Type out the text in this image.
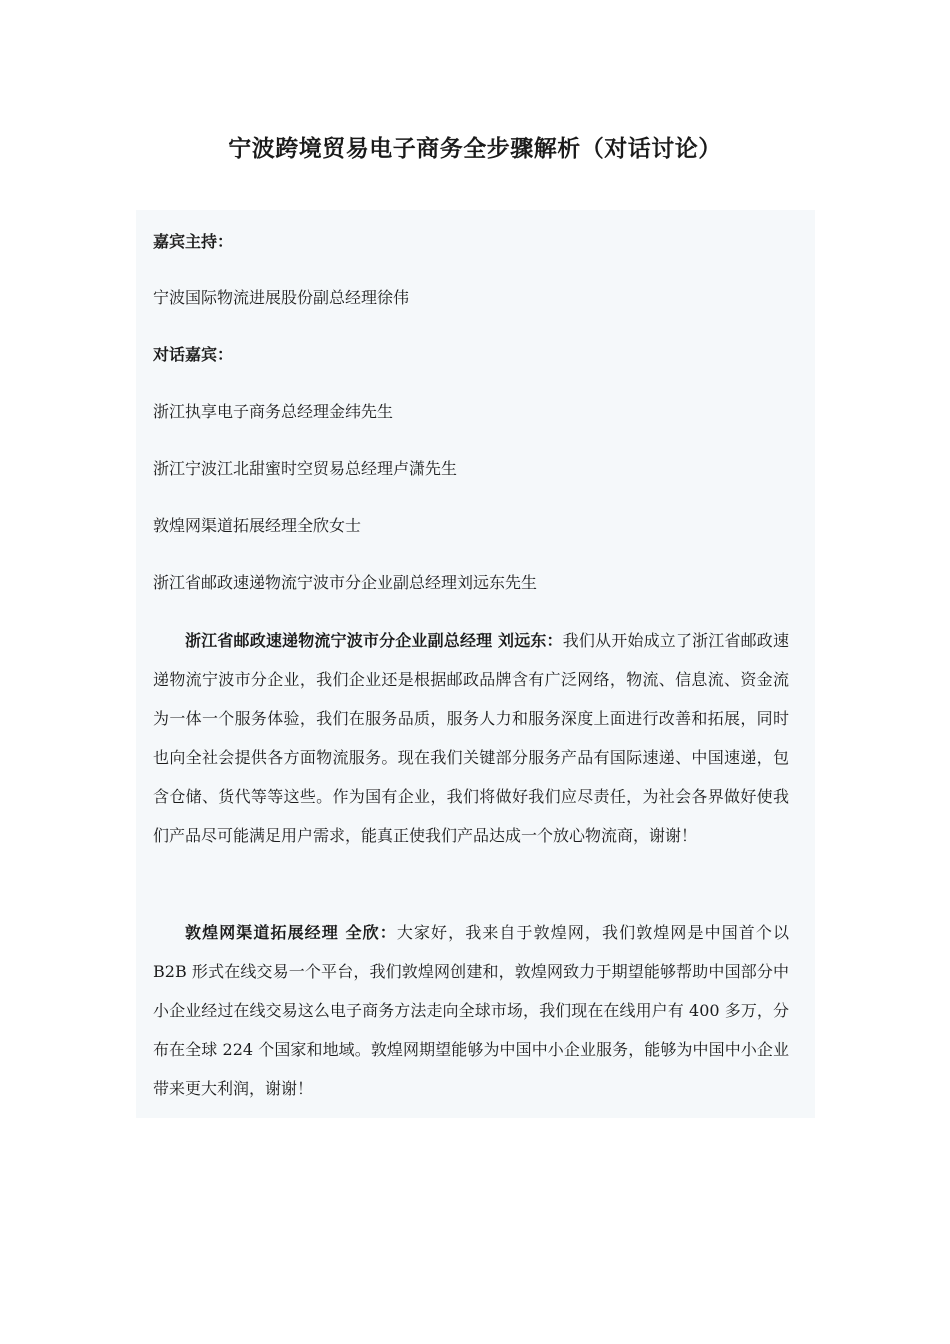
宁波跨境贸易电子商务全步骤解析（对话讨论）

嘉宾主持：

宁波国际物流进展股份副总经理徐伟

对话嘉宾：

浙江执享电子商务总经理金纬先生

浙江宁波江北甜蜜时空贸易总经理卢潇先生

敦煌网渠道拓展经理全欣女士

浙江省邮政速递物流宁波市分企业副总经理刘远东先生

浙江省邮政速递物流宁波市分企业副总经理 刘远东：我们从开始成立了浙江省邮政速递物流宁波市分企业，我们企业还是根据邮政品牌含有广泛网络，物流、信息流、资金流为一体一个服务体验，我们在服务品质，服务人力和服务深度上面进行改善和拓展，同时也向全社会提供各方面物流服务。现在我们关键部分服务产品有国际速递、中国速递，包含仓储、货代等等这些。作为国有企业，我们将做好我们应尽责任，为社会各界做好使我们产品尽可能满足用户需求，能真正使我们产品达成一个放心物流商，谢谢！

敦煌网渠道拓展经理 全欣：大家好，我来自于敦煌网，我们敦煌网是中国首个以 B2B 形式在线交易一个平台，我们敦煌网创建和，敦煌网致力于期望能够帮助中国部分中小企业经过在线交易这么电子商务方法走向全球市场，我们现在在线用户有 400 多万，分布在全球 224 个国家和地域。敦煌网期望能够为中国中小企业服务，能够为中国中小企业带来更大利润，谢谢！
